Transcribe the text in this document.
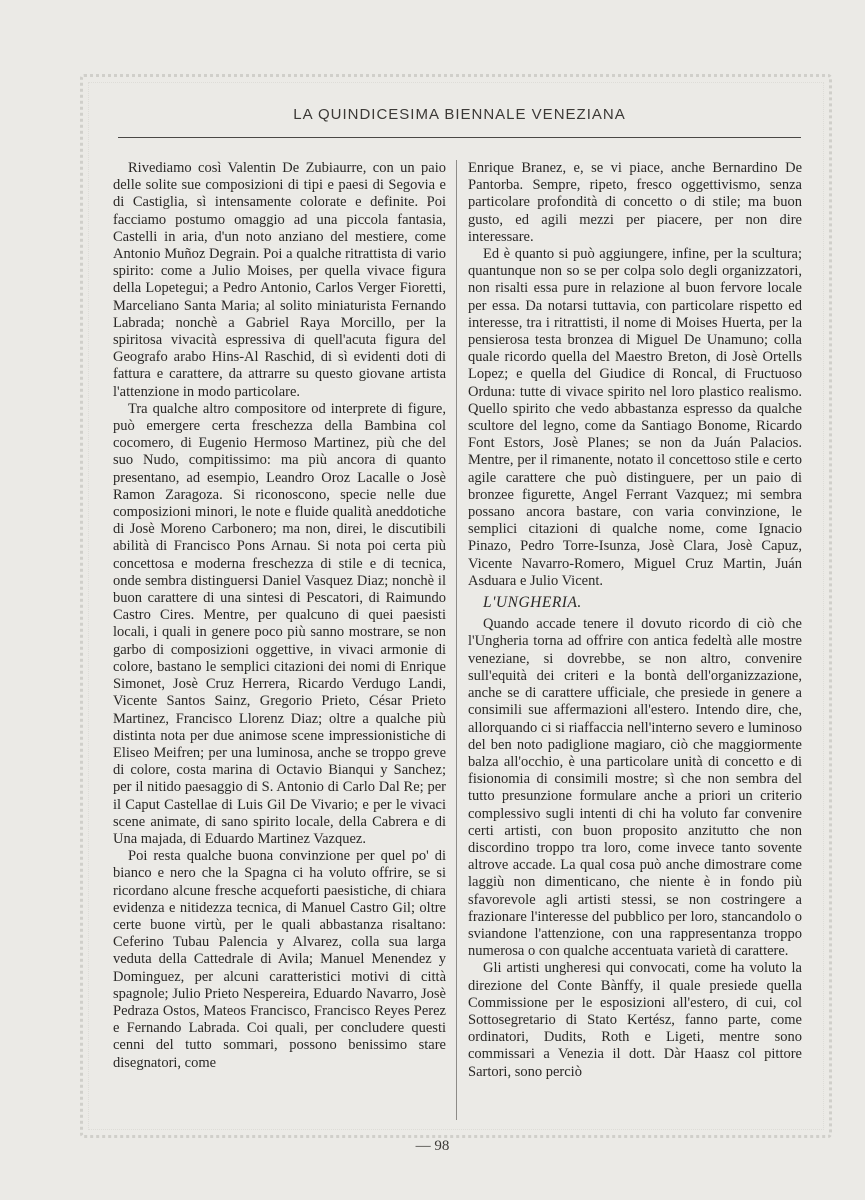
LA QUINDICESIMA BIENNALE VENEZIANA

Rivediamo così Valentin De Zubiaurre, con un paio delle solite sue composizioni di tipi e paesi di Segovia e di Castiglia, sì intensamente colorate e definite. Poi facciamo postumo omaggio ad una piccola fantasia, Castelli in aria, d'un noto anziano del mestiere, come Antonio Muñoz Degrain. Poi a qualche ritrattista di vario spirito: come a Julio Moises, per quella vivace figura della Lopetegui; a Pedro Antonio, Carlos Verger Fioretti, Marceliano Santa Maria; al solito miniaturista Fernando Labrada; nonchè a Gabriel Raya Morcillo, per la spiritosa vivacità espressiva di quell'acuta figura del Geografo arabo Hins-Al Raschid, di sì evidenti doti di fattura e carattere, da attrarre su questo giovane artista l'attenzione in modo particolare.

Tra qualche altro compositore od interprete di figure, può emergere certa freschezza della Bambina col cocomero, di Eugenio Hermoso Martinez, più che del suo Nudo, compitissimo: ma più ancora di quanto presentano, ad esempio, Leandro Oroz Lacalle o Josè Ramon Zaragoza. Si riconoscono, specie nelle due composizioni minori, le note e fluide qualità aneddotiche di Josè Moreno Carbonero; ma non, direi, le discutibili abilità di Francisco Pons Arnau. Si nota poi certa più concettosa e moderna freschezza di stile e di tecnica, onde sembra distinguersi Daniel Vasquez Diaz; nonchè il buon carattere di una sintesi di Pescatori, di Raimundo Castro Cires. Mentre, per qualcuno di quei paesisti locali, i quali in genere poco più sanno mostrare, se non garbo di composizioni oggettive, in vivaci armonie di colore, bastano le semplici citazioni dei nomi di Enrique Simonet, Josè Cruz Herrera, Ricardo Verdugo Landi, Vicente Santos Sainz, Gregorio Prieto, César Prieto Martinez, Francisco Llorenz Diaz; oltre a qualche più distinta nota per due animose scene impressionistiche di Eliseo Meifren; per una luminosa, anche se troppo greve di colore, costa marina di Octavio Bianqui y Sanchez; per il nitido paesaggio di S. Antonio di Carlo Dal Re; per il Caput Castellae di Luis Gil De Vivario; e per le vivaci scene animate, di sano spirito locale, della Cabrera e di Una majada, di Eduardo Martinez Vazquez.

Poi resta qualche buona convinzione per quel po' di bianco e nero che la Spagna ci ha voluto offrire, se si ricordano alcune fresche acqueforti paesistiche, di chiara evidenza e nitidezza tecnica, di Manuel Castro Gil; oltre certe buone virtù, per le quali abbastanza risaltano: Ceferino Tubau Palencia y Alvarez, colla sua larga veduta della Cattedrale di Avila; Manuel Menendez y Dominguez, per alcuni caratteristici motivi di città spagnole; Julio Prieto Nespereira, Eduardo Navarro, Josè Pedraza Ostos, Mateos Francisco, Francisco Reyes Perez e Fernando Labrada. Coi quali, per concludere questi cenni del tutto sommari, possono benissimo stare disegnatori, come

Enrique Branez, e, se vi piace, anche Bernardino De Pantorba. Sempre, ripeto, fresco oggettivismo, senza particolare profondità di concetto o di stile; ma buon gusto, ed agili mezzi per piacere, per non dire interessare.

Ed è quanto si può aggiungere, infine, per la scultura; quantunque non so se per colpa solo degli organizzatori, non risalti essa pure in relazione al buon fervore locale per essa. Da notarsi tuttavia, con particolare rispetto ed interesse, tra i ritrattisti, il nome di Moises Huerta, per la pensierosa testa bronzea di Miguel De Unamuno; colla quale ricordo quella del Maestro Breton, di Josè Ortells Lopez; e quella del Giudice di Roncal, di Fructuoso Orduna: tutte di vivace spirito nel loro plastico realismo. Quello spirito che vedo abbastanza espresso da qualche scultore del legno, come da Santiago Bonome, Ricardo Font Estors, Josè Planes; se non da Juán Palacios. Mentre, per il rimanente, notato il concettoso stile e certo agile carattere che può distinguere, per un paio di bronzee figurette, Angel Ferrant Vazquez; mi sembra possano ancora bastare, con varia convinzione, le semplici citazioni di qualche nome, come Ignacio Pinazo, Pedro Torre-Isunza, Josè Clara, Josè Capuz, Vicente Navarro-Romero, Miguel Cruz Martin, Juán Asduara e Julio Vicent.

L'UNGHERIA.

Quando accade tenere il dovuto ricordo di ciò che l'Ungheria torna ad offrire con antica fedeltà alle mostre veneziane, si dovrebbe, se non altro, convenire sull'equità dei criteri e la bontà dell'organizzazione, anche se di carattere ufficiale, che presiede in genere a consimili sue affermazioni all'estero. Intendo dire, che, allorquando ci si riaffaccia nell'interno severo e luminoso del ben noto padiglione magiaro, ciò che maggiormente balza all'occhio, è una particolare unità di concetto e di fisionomia di consimili mostre; sì che non sembra del tutto presunzione formulare anche a priori un criterio complessivo sugli intenti di chi ha voluto far convenire certi artisti, con buon proposito anzitutto che non discordino troppo tra loro, come invece tanto sovente altrove accade. La qual cosa può anche dimostrare come laggiù non dimenticano, che niente è in fondo più sfavorevole agli artisti stessi, se non costringere a frazionare l'interesse del pubblico per loro, stancandolo o sviandone l'attenzione, con una rappresentanza troppo numerosa o con qualche accentuata varietà di carattere.

Gli artisti ungheresi qui convocati, come ha voluto la direzione del Conte Bànffy, il quale presiede quella Commissione per le esposizioni all'estero, di cui, col Sottosegretario di Stato Kertész, fanno parte, come ordinatori, Dudits, Roth e Ligeti, mentre sono commissari a Venezia il dott. Dàr Haasz col pittore Sartori, sono perciò

— 98
